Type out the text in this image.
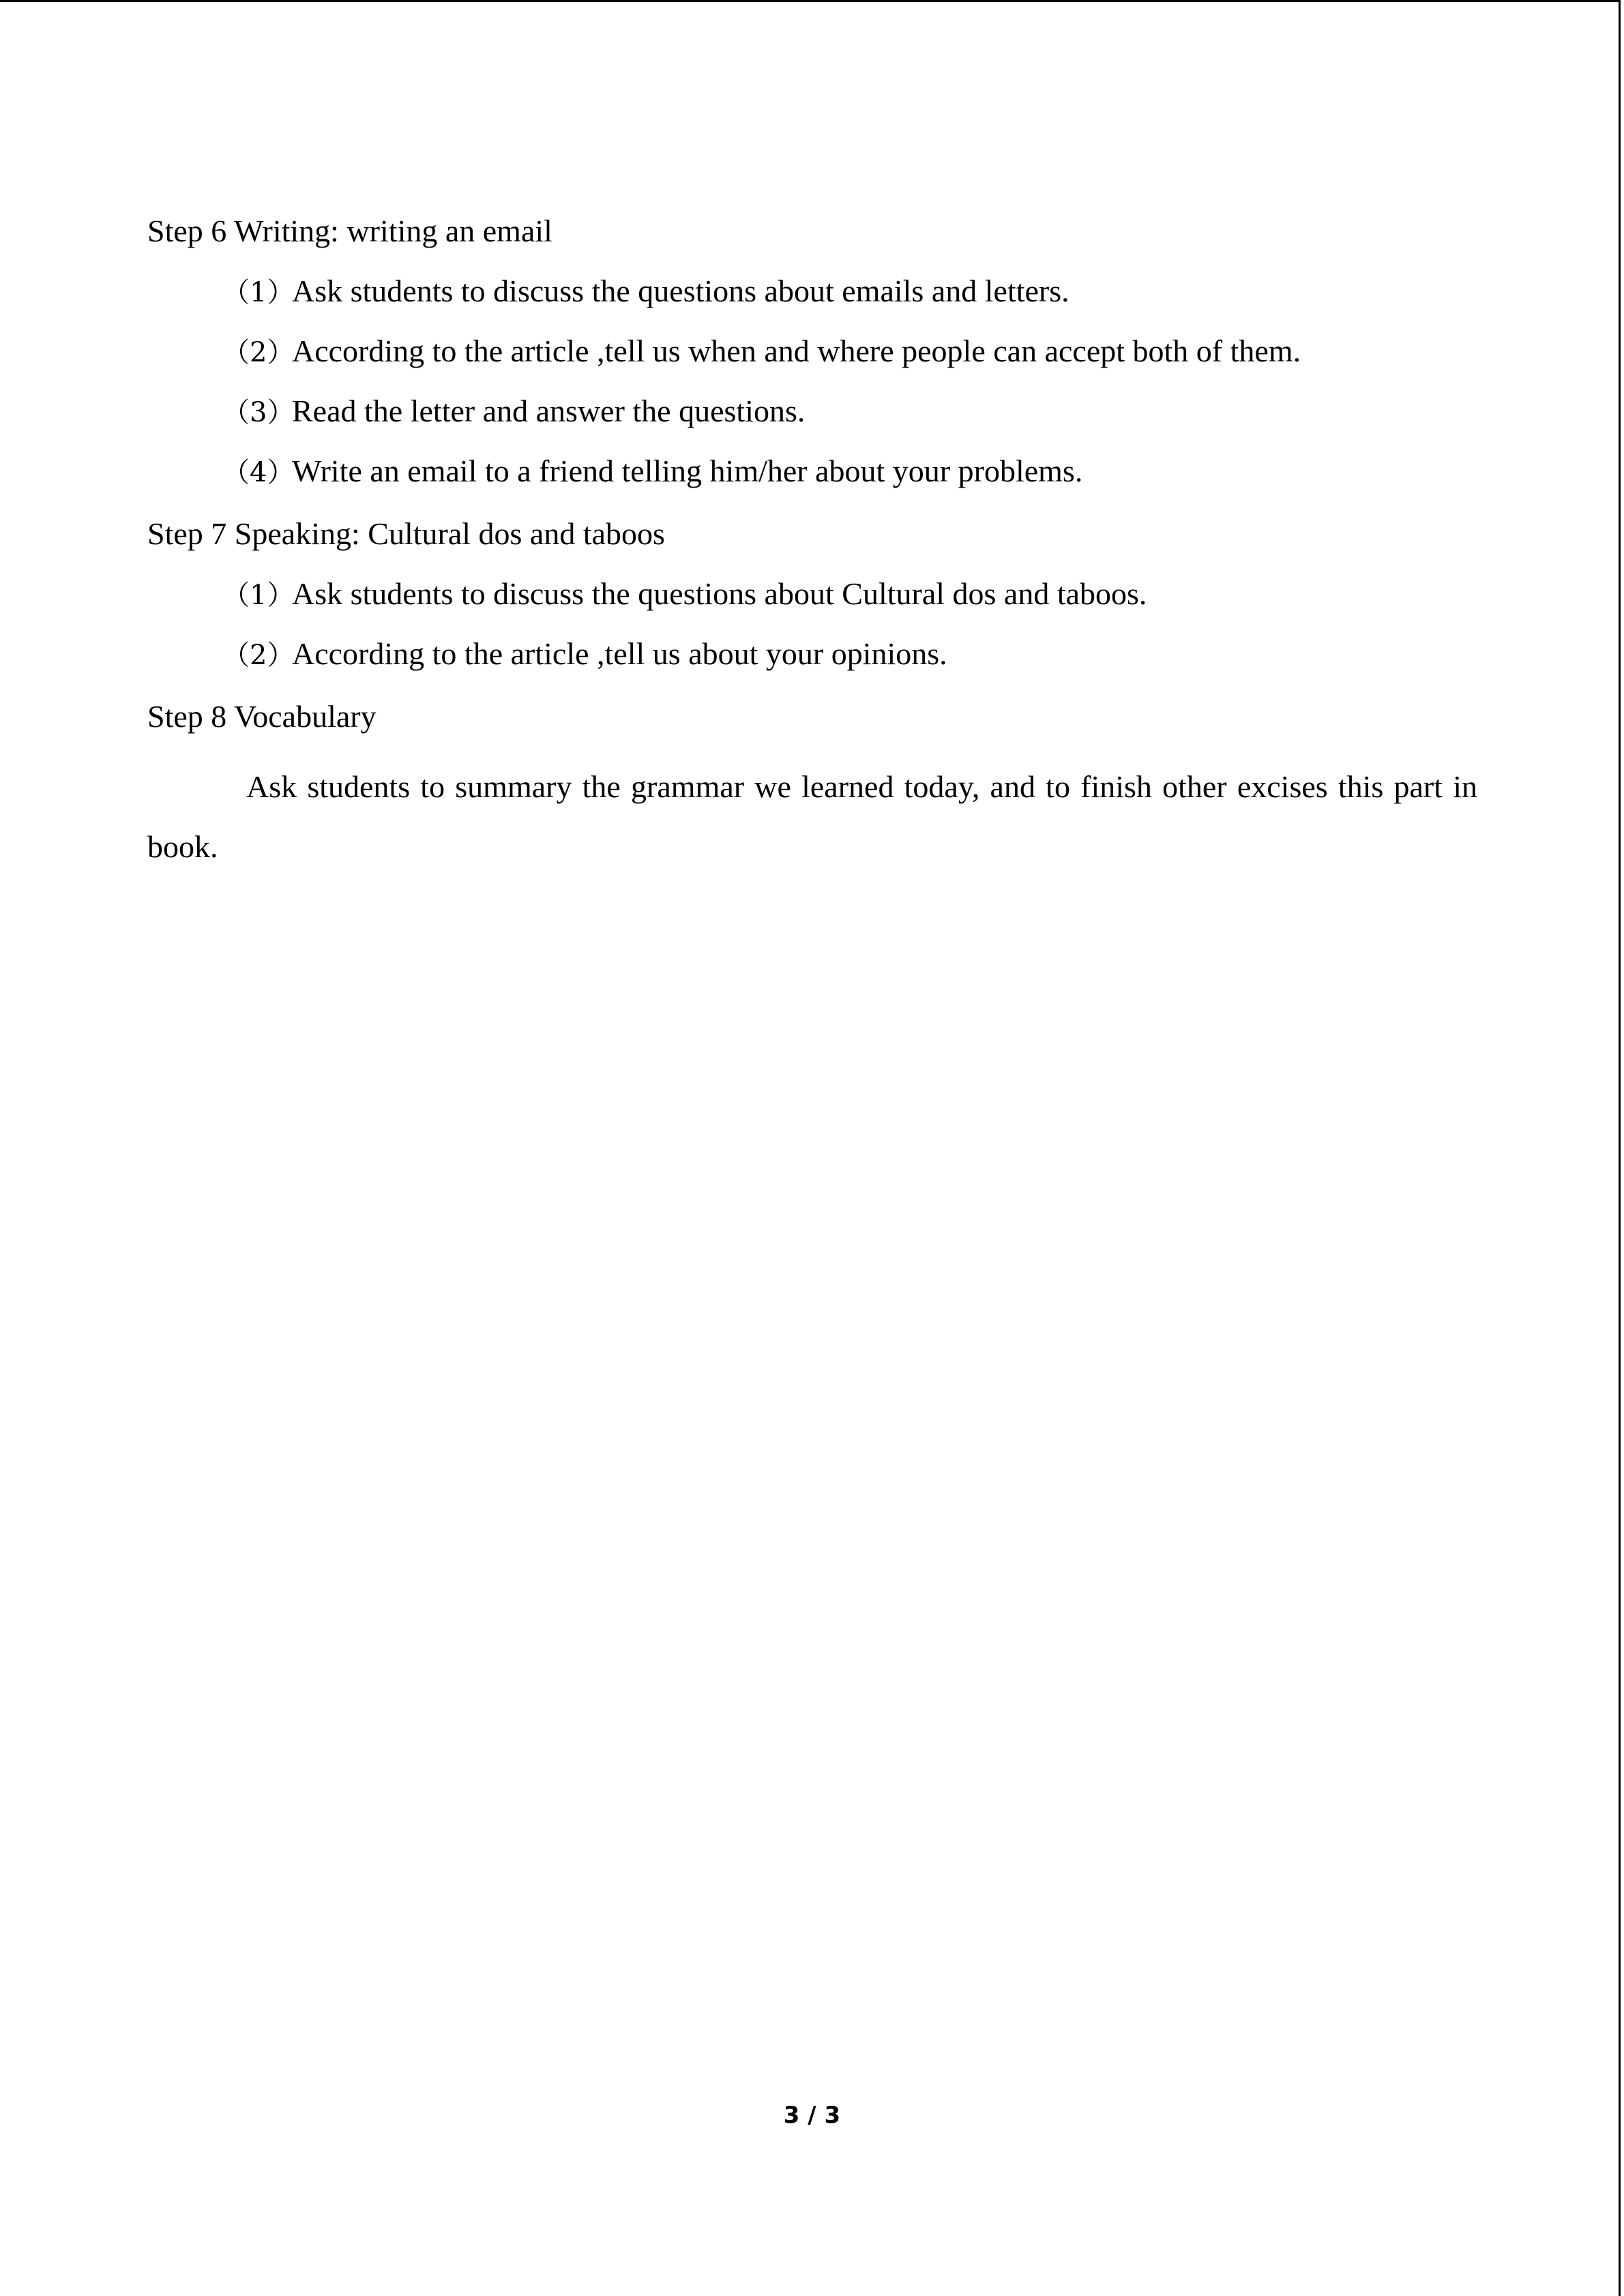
Step 6 Writing: writing an email

（1）Ask students to discuss the questions about emails and letters.

（2）According to the article ,tell us when and where people can accept both of them.

（3）Read the letter and answer the questions.

（4）Write an email to a friend telling him/her about your problems.

Step 7 Speaking: Cultural dos and taboos

（1）Ask students to discuss the questions about Cultural dos and taboos.

（2）According to the article ,tell us about your opinions.

Step 8 Vocabulary

Ask students to summary the grammar we learned today, and to finish other excises this part in book.

3 / 3
